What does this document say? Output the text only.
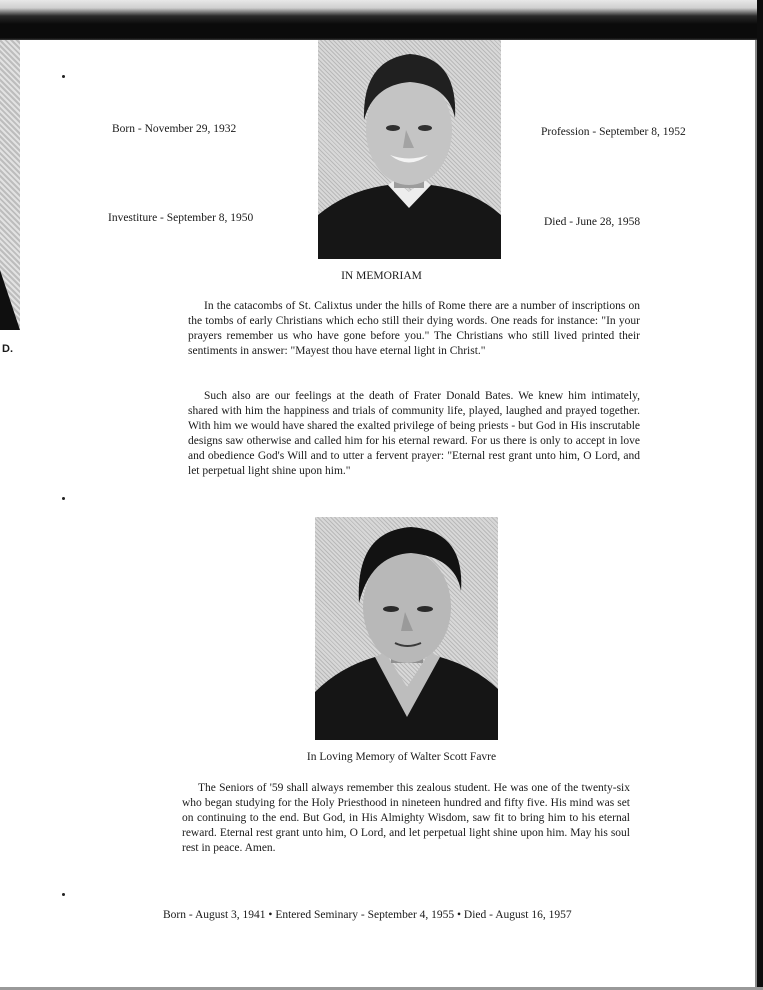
D.
Born - November 29, 1932
Investiture - September 8, 1950
Profession - September 8, 1952
Died - June 28, 1958
IN MEMORIAM
In the catacombs of St. Calixtus under the hills of Rome there are a number of inscriptions on the tombs of early Christians which echo still their dying words. One reads for instance: "In your prayers remember us who have gone before you." The Christians who still lived printed their sentiments in answer: "Mayest thou have eternal light in Christ."
Such also are our feelings at the death of Frater Donald Bates. We knew him intimately, shared with him the happiness and trials of community life, played, laughed and prayed together. With him we would have shared the exalted privilege of being priests - but God in His inscrutable designs saw otherwise and called him for his eternal reward. For us there is only to accept in love and obedience God's Will and to utter a fervent prayer: "Eternal rest grant unto him, O Lord, and let perpetual light shine upon him."
In Loving Memory of Walter Scott Favre
The Seniors of '59 shall always remember this zealous student. He was one of the twenty-six who began studying for the Holy Priesthood in nineteen hundred and fifty five. His mind was set on continuing to the end. But God, in His Almighty Wisdom, saw fit to bring him to his eternal reward. Eternal rest grant unto him, O Lord, and let perpetual light shine upon him. May his soul rest in peace. Amen.
Born - August 3, 1941 • Entered Seminary - September 4, 1955 • Died - August 16, 1957
